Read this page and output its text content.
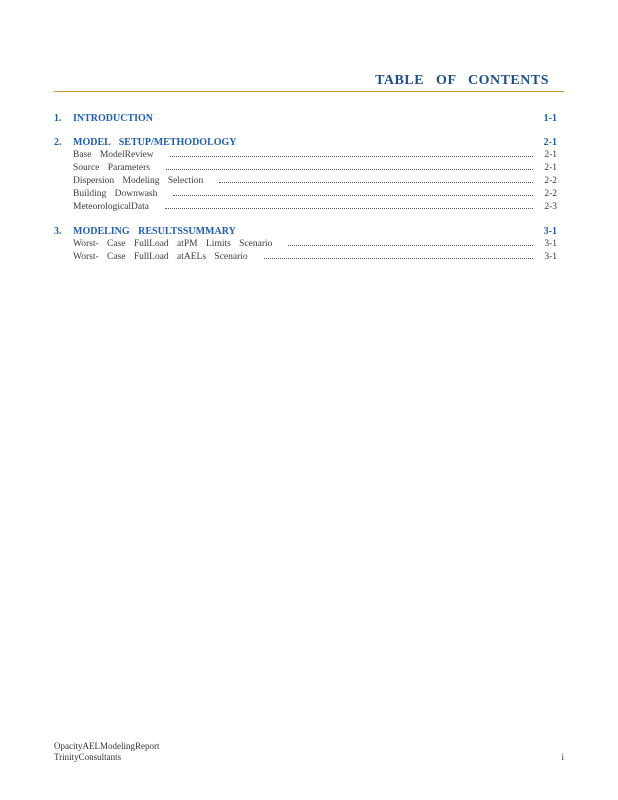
TABLE OF CONTENTS
1.	INTRODUCTION	1-1
2.	MODEL SETUP/METHODOLOGY	2-1
Base ModelReview	2-1
Source Parameters	2-1
Dispersion Modeling Selection	2-2
Building Downwash	2-2
MeteorologicalData	2-3
3.	MODELING RESULTSSUMMARY	3-1
Worst- Case FullLoad atPM Limits Scenario	3-1
Worst- Case FullLoad atAELs Scenario	3-1
OpacityAELModelingReport
TrinityConsultants	i
